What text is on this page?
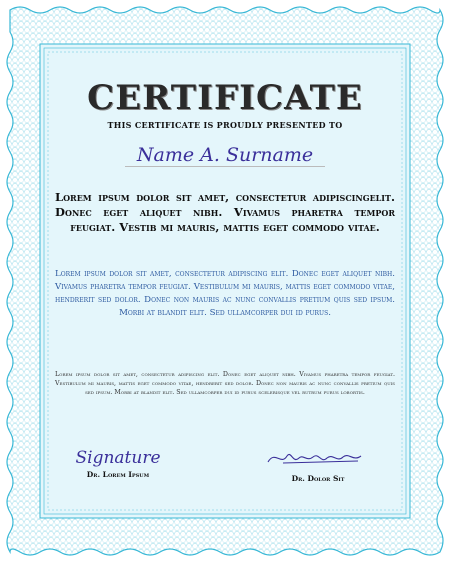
CERTIFICATE
THIS CERTIFICATE IS PROUDLY PRESENTED TO
Name A. Surname
Lorem ipsum dolor sit amet, consectetur adipiscingelit. Donec eget aliquet nibh. Vivamus pharetra tempor feugiat. Vestib mi mauris, mattis eget commodo vitae.
Lorem ipsum dolor sit amet, consectetur adipiscing elit. Donec eget aliquet nibh. Vivamus pharetra tempor feugiat. Vestibulum mi mauris, mattis eget commodo vitae, hendrerit sed dolor. Donec non mauris ac nunc convallis pretium quis sed ipsum. Morbi at blandit elit. Sed ullamcorper dui id purus.
Lorem ipsum dolor sit amet, consectetur adipiscing elit. Donec eget aliquet nibh. Vivamus pharetra tempor feugiat. Vestibulum mi mauris, mattis eget commodo vitae, hendrerit sed dolor. Donec non mauris ac nunc convallis pretium quis sed ipsum. Morbi at blandit elit. Sed ullamcorper dui id purus scelerisque vel rutrum purus lobortis.
Signature
Dr. Lorem Ipsum	Dr. Dolor Sit
